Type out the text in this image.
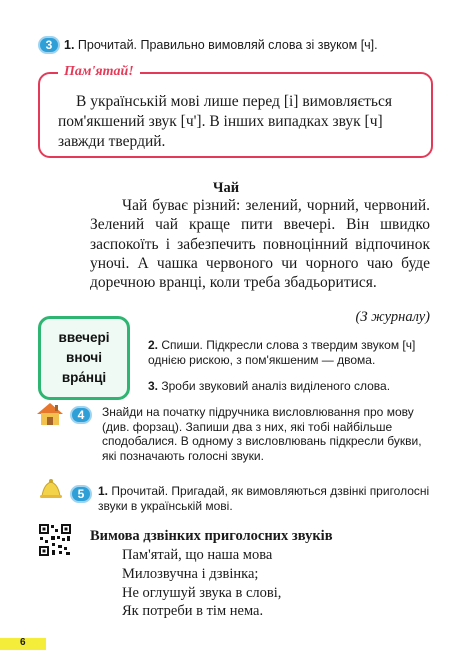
3 1. Прочитай. Правильно вимовляй слова зі звуком [ч].
Пам'ятай!
В українській мові лише перед [і] вимовляється пом'якшений звук [ч']. В інших випадках звук [ч] завжди твердий.
Чай
Чай буває різний: зелений, чорний, червоний. Зелений чай краще пити ввечері. Він швидко заспокоїть і забезпечить повноцінний відпочинок уночі. А чашка червоного чи чорного чаю буде доречною вранці, коли треба збадьоритися.
(З журналу)
ввечері
вночі
вра́нці
2. Спиши. Підкресли слова з твердим звуком [ч] однією рискою, з пом'якшеним — двома.
3. Зроби звуковий аналіз виділеного слова.
4	Знайди на початку підручника висловлювання про мову (див. форзац). Запиши два з них, які тобі найбільше сподобалися. В одному з висловлювань підкресли букви, які позначають голосні звуки.
5	1. Прочитай. Пригадай, як вимовляються дзвінкі приголосні звуки в українській мові.
Вимова дзвінких приголосних звуків
Пам'ятай, що наша мова
Милозвучна і дзвінка;
Не оглушуй звука в слові,
Як потреби в тім нема.
6
